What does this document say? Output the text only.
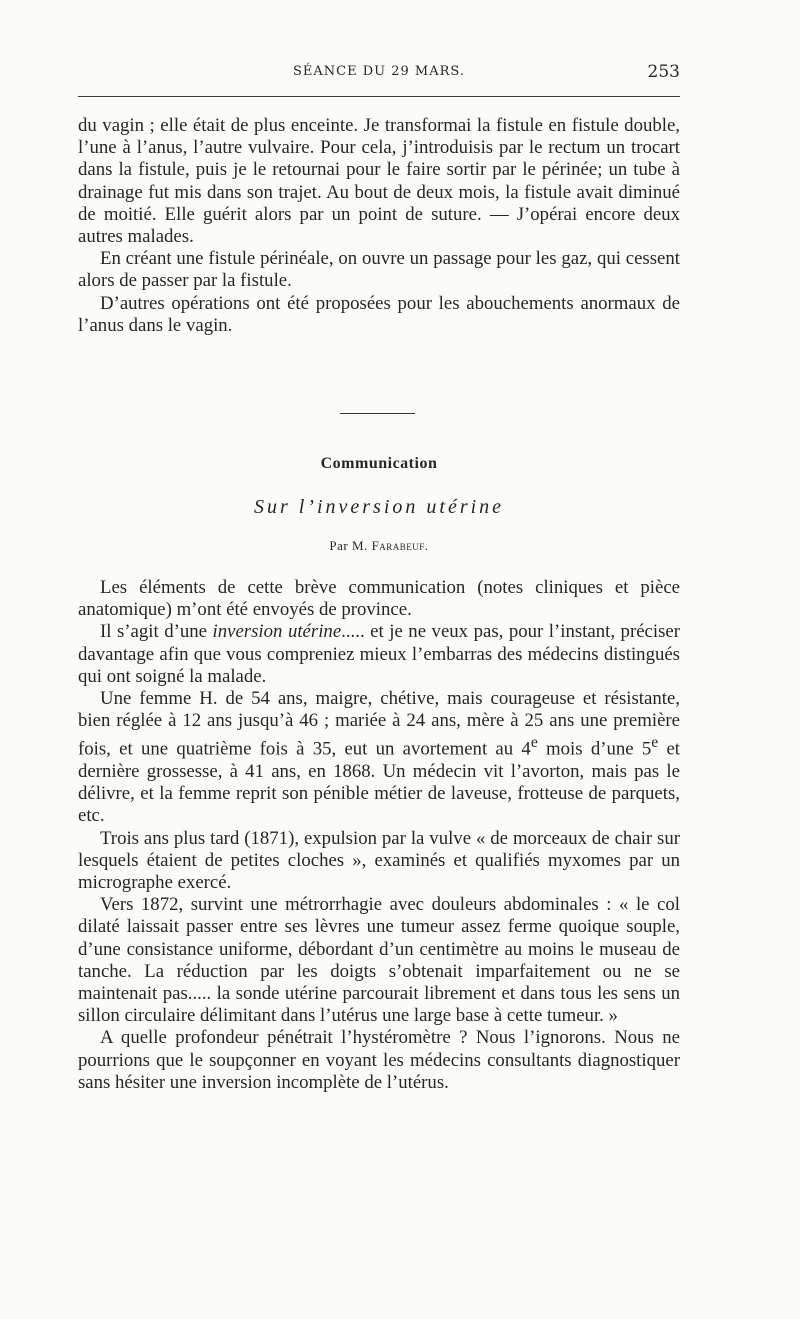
SÉANCE DU 29 MARS.	253

du vagin ; elle était de plus enceinte. Je transformai la fistule en fistule double, l’une à l’anus, l’autre vulvaire. Pour cela, j’introduisis par le rectum un trocart dans la fistule, puis je le retournai pour le faire sortir par le périnée; un tube à drainage fut mis dans son trajet. Au bout de deux mois, la fistule avait diminué de moitié. Elle guérit alors par un point de suture. — J’opérai encore deux autres malades.

En créant une fistule périnéale, on ouvre un passage pour les gaz, qui cessent alors de passer par la fistule.

D’autres opérations ont été proposées pour les abouchements anormaux de l’anus dans le vagin.

Communication
Sur l’inversion utérine
Par M. Farabeuf.

Les éléments de cette brève communication (notes cliniques et pièce anatomique) m’ont été envoyés de province.

Il s’agit d’une inversion utérine..... et je ne veux pas, pour l’instant, préciser davantage afin que vous compreniez mieux l’embarras des médecins distingués qui ont soigné la malade.

Une femme H. de 54 ans, maigre, chétive, mais courageuse et résistante, bien réglée à 12 ans jusqu’à 46 ; mariée à 24 ans, mère à 25 ans une première fois, et une quatrième fois à 35, eut un avortement au 4e mois d’une 5e et dernière grossesse, à 41 ans, en 1868. Un médecin vit l’avorton, mais pas le délivre, et la femme reprit son pénible métier de laveuse, frotteuse de parquets, etc.

Trois ans plus tard (1871), expulsion par la vulve « de morceaux de chair sur lesquels étaient de petites cloches », examinés et qualifiés myxomes par un micrographe exercé.

Vers 1872, survint une métrorrhagie avec douleurs abdominales : « le col dilaté laissait passer entre ses lèvres une tumeur assez ferme quoique souple, d’une consistance uniforme, débordant d’un centimètre au moins le museau de tanche. La réduction par les doigts s’obtenait imparfaitement ou ne se maintenait pas..... la sonde utérine parcourait librement et dans tous les sens un sillon circulaire délimitant dans l’utérus une large base à cette tumeur. »

A quelle profondeur pénétrait l’hystéromètre ? Nous l’ignorons. Nous ne pourrions que le soupçonner en voyant les médecins consultants diagnostiquer sans hésiter une inversion incomplète de l’utérus.
